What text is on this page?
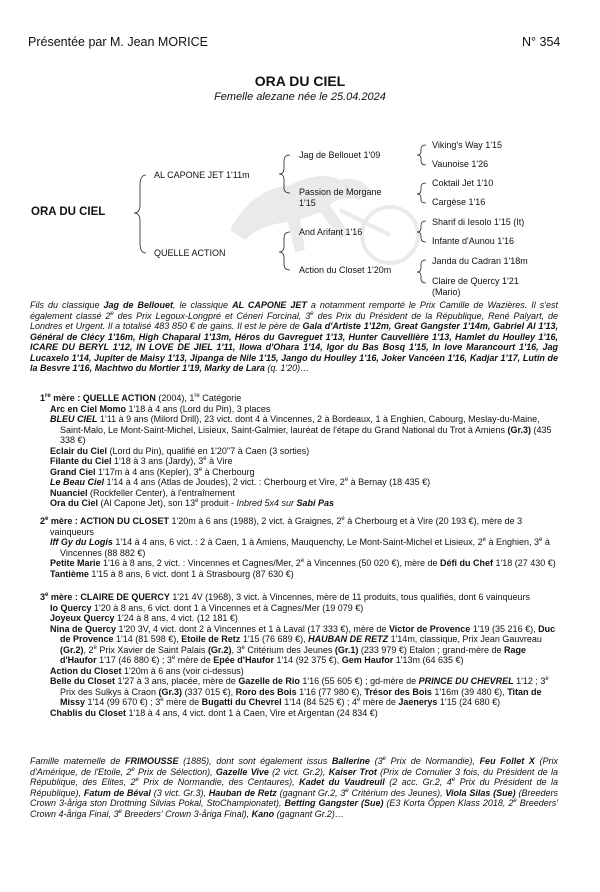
Présentée par M. Jean MORICE	N° 354
ORA DU CIEL
Femelle alezane née le 25.04.2024
ORA DU CIEL
AL CAPONE JET 1'11m
QUELLE ACTION
Jag de Bellouet 1'09
Passion de Morgane
1'15
And Arifant 1'16
Action du Closet 1'20m
Viking's Way 1'15
Vaunoise 1'26
Coktail Jet 1'10
Cargèse 1'16
Sharif di Iesolo 1'15 (It)
Infante d'Aunou 1'16
Janda du Cadran 1'18m
Claire de Quercy 1'21
(Mario)
Fils du classique Jag de Bellouet, le classique AL CAPONE JET a notamment remporté le Prix Camille de Wazières. Il s'est également classé 2e des Prix Legoux-Longpré et Céneri Forcinal, 3e des Prix du Président de la République, René Palyart, de Londres et Urgent. Il a totalisé 483 850 € de gains. Il est le père de Gala d'Artiste 1'12m, Great Gangster 1'14m, Gabriel Al 1'13, Général de Clécy 1'16m, High Chaparal 1'13m, Héros du Gavreguet 1'13, Hunter Cauvellière 1'13, Hamlet du Houlley 1'16, ICARE DU BERYL 1'12, IN LOVE DE JIEL 1'11, Ilowa d'Ohara 1'14, Igor du Bas Bosq 1'15, In love Marancourt 1'16, Jag Lucaxelo 1'14, Jupiter de Maisy 1'13, Jipanga de Nile 1'15, Jango du Houlley 1'16, Joker Vancéen 1'16, Kadjar 1'17, Lutin de la Besvre 1'16, Machtwo du Mortier 1'19, Marky de Lara (q. 1'20)…

1re mère : QUELLE ACTION (2004), 1re Catégorie

Arc en Ciel Momo 1'18 à 4 ans (Lord du Pin), 3 places

BLEU CIEL 1'11 à 9 ans (Milord Drill), 23 vict. dont 4 à Vincennes, 2 à Bordeaux, 1 à Enghien, Cabourg, Meslay-du-Maine, Saint-Malo, Le Mont-Saint-Michel, Lisieux, Saint-Galmier, lauréat de l'étape du Grand National du Trot à Amiens (Gr.3) (435 338 €)

Eclair du Ciel (Lord du Pin), qualifié en 1'20''7 à Caen (3 sorties)

Filante du Ciel 1'18 à 3 ans (Jardy), 3e à Vire

Grand Ciel 1'17m à 4 ans (Kepler), 3e à Cherbourg

Le Beau Ciel 1'14 à 4 ans (Atlas de Joudes), 2 vict. : Cherbourg et Vire, 2e à Bernay (18 435 €)

Nuanciel (Rockfeller Center), à l'entraînement

Ora du Ciel (Al Capone Jet), son 13e produit - Inbred 5x4 sur Sabi Pas

2e mère : ACTION DU CLOSET 1'20m à 6 ans (1988), 2 vict. à Graignes, 2e à Cherbourg et à Vire (20 193 €), mère de 3 vainqueurs

Iff Gy du Logis 1'14 à 4 ans, 6 vict. : 2 à Caen, 1 à Amiens, Mauquenchy, Le Mont-Saint-Michel et Lisieux, 2e à Enghien, 3e à Vincennes (88 882 €)

Petite Marie 1'16 à 8 ans, 2 vict. : Vincennes et Cagnes/Mer, 2e à Vincennes (50 020 €), mère de Défi du Chef 1'18 (27 430 €)

Tantième 1'15 à 8 ans, 6 vict. dont 1 à Strasbourg (87 630 €)

3e mère : CLAIRE DE QUERCY 1'21 4V (1968), 3 vict. à Vincennes, mère de 11 produits, tous qualifiés, dont 6 vainqueurs

Io Quercy 1'20 à 8 ans, 6 vict. dont 1 à Vincennes et à Cagnes/Mer (19 079 €)

Joyeux Quercy 1'24 à 8 ans, 4 vict. (12 181 €)

Nina de Quercy 1'20 3V, 4 vict. dont 2 à Vincennes et 1 à Laval (17 333 €), mère de Victor de Provence 1'19 (35 216 €), Duc de Provence 1'14 (81 598 €), Etoile de Retz 1'15 (76 689 €), HAUBAN DE RETZ 1'14m, classique, Prix Jean Gauvreau (Gr.2), 2e Prix Xavier de Saint Palais (Gr.2), 3e Critérium des Jeunes (Gr.1) (233 979 €) Etalon ; grand-mère de Rage d'Haufor 1'17 (46 880 €) ; 3e mère de Epée d'Haufor 1'14 (92 375 €), Gem Haufor 1'13m (64 635 €)

Action du Closet 1'20m à 6 ans (voir ci-dessus)

Belle du Closet 1'27 à 3 ans, placée, mère de Gazelle de Rio 1'16 (55 605 €) ; gd-mère de PRINCE DU CHEVREL 1'12 ; 3e Prix des Sulkys à Craon (Gr.3) (337 015 €), Roro des Bois 1'16 (77 980 €), Trésor des Bois 1'16m (39 480 €), Titan de Missy 1'14 (99 670 €) ; 3e mère de Bugatti du Chevrel 1'14 (84 525 €) ; 4e mère de Jaenerys 1'15 (24 680 €)

Chablis du Closet 1'18 à 4 ans, 4 vict. dont 1 à Caen, Vire et Argentan (24 834 €)

Famille maternelle de FRIMOUSSE (1885), dont sont également issus Ballerine (3e Prix de Normandie), Feu Follet X (Prix d'Amérique, de l'Etoile, 2e Prix de Sélection), Gazelle Vive (2 vict. Gr.2), Kaiser Trot (Prix de Cornulier 3 fois, du Président de la République, des Elites, 2e Prix de Normandie, des Centaures), Kadet du Vaudreuil (2 acc. Gr.2, 4e Prix du Président de la République), Fatum de Béval (3 vict. Gr.3), Hauban de Retz (gagnant Gr.2, 3e Critérium des Jeunes), Viola Silas (Sue) (Breeders Crown 3-åriga ston Drottning Silvias Pokal, StoChampionatet), Betting Gangster (Sue) (E3 Korta Öppen Klass 2018, 2e Breeders' Crown 4-åriga Final, 3e Breeders' Crown 3-åriga Final), Kano (gagnant Gr.2)…
